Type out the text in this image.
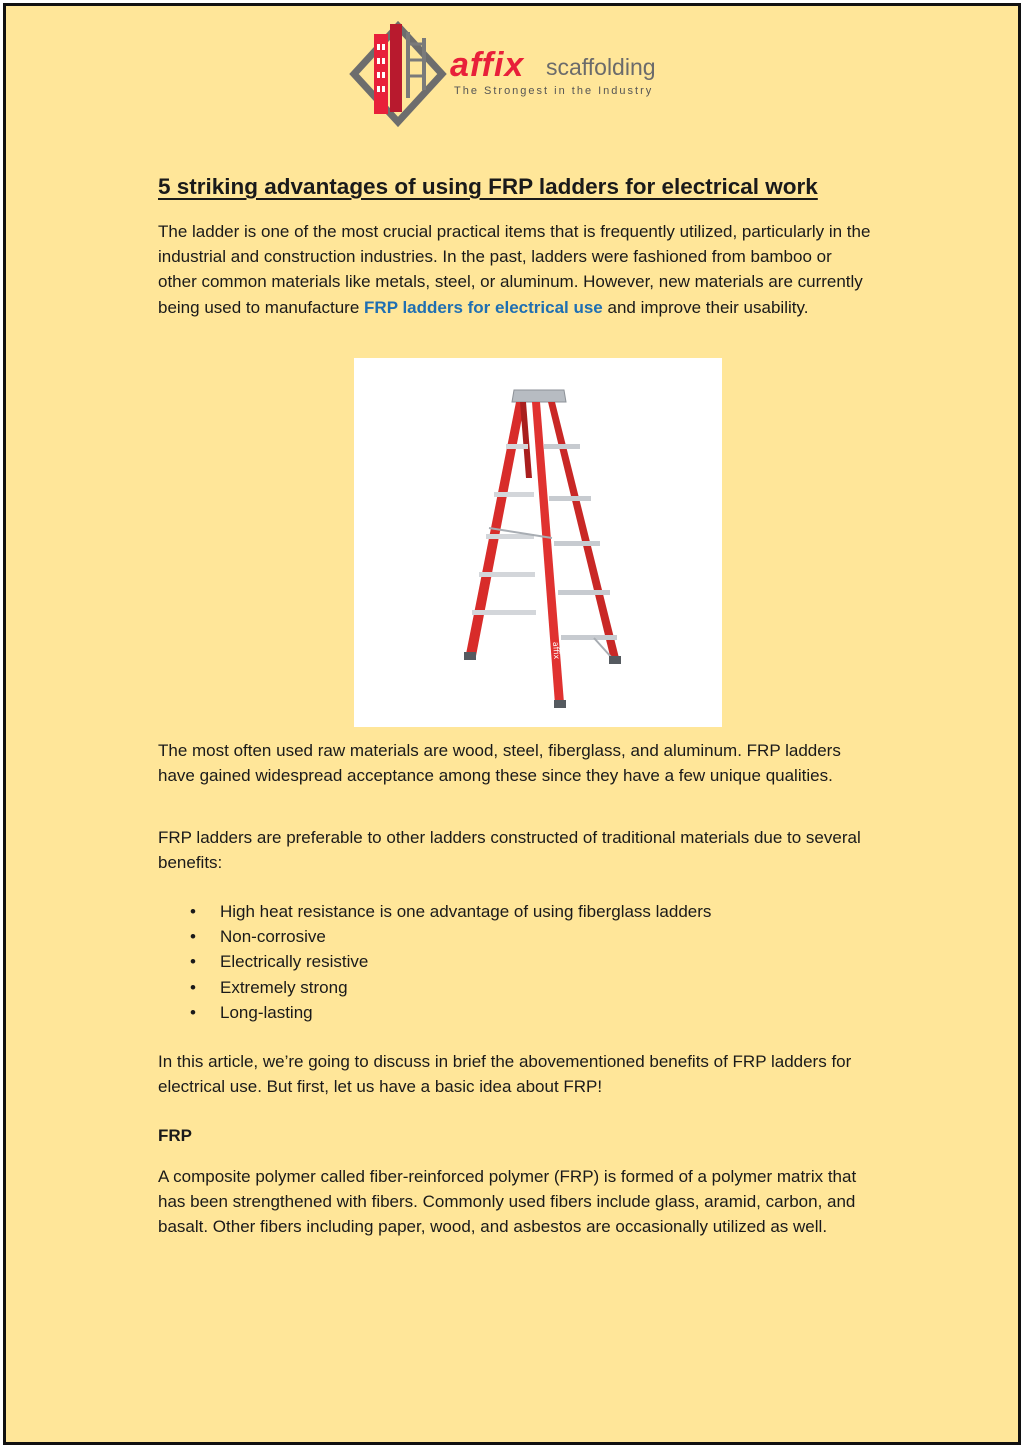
affix scaffolding
The Strongest in the Industry
5 striking advantages of using FRP ladders for electrical work

The ladder is one of the most crucial practical items that is frequently utilized, particularly in the industrial and construction industries. In the past, ladders were fashioned from bamboo or other common materials like metals, steel, or aluminum. However, new materials are currently being used to manufacture FRP ladders for electrical use and improve their usability.

affix

The most often used raw materials are wood, steel, fiberglass, and aluminum. FRP ladders have gained widespread acceptance among these since they have a few unique qualities.

FRP ladders are preferable to other ladders constructed of traditional materials due to several benefits:

• High heat resistance is one advantage of using fiberglass ladders
• Non-corrosive
• Electrically resistive
• Extremely strong
• Long-lasting

In this article, we’re going to discuss in brief the abovementioned benefits of FRP ladders for electrical use. But first, let us have a basic idea about FRP!

FRP

A composite polymer called fiber-reinforced polymer (FRP) is formed of a polymer matrix that has been strengthened with fibers. Commonly used fibers include glass, aramid, carbon, and basalt. Other fibers including paper, wood, and asbestos are occasionally utilized as well.
